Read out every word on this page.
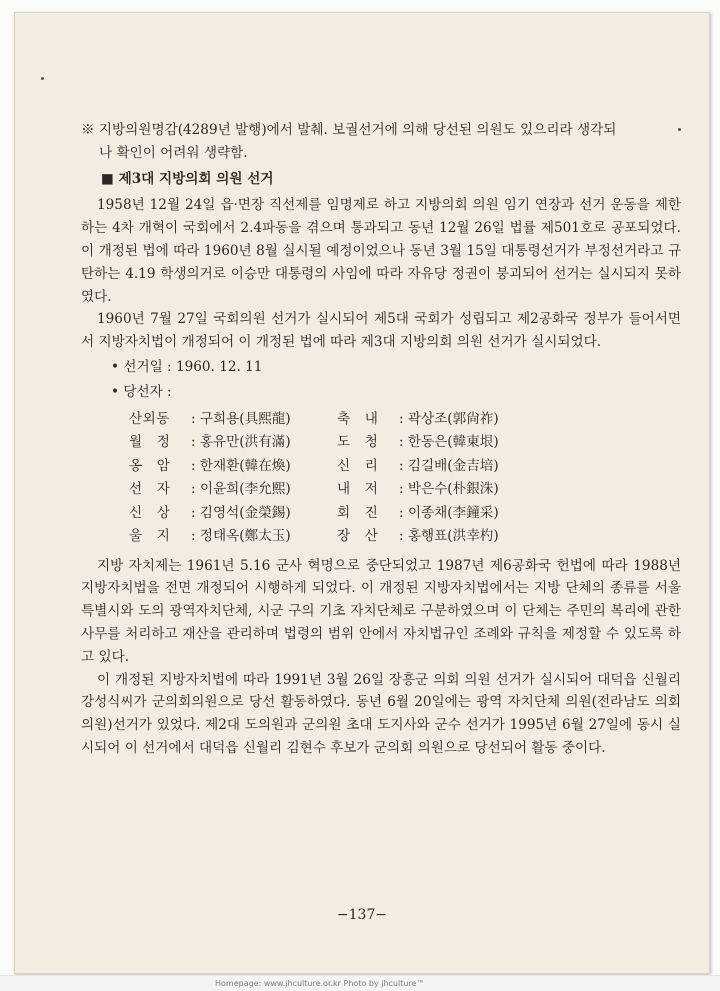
※ 지방의원명감(4289년 발행)에서 발췌. 보궐선거에 의해 당선된 의원도 있으리라 생각되

나 확인이 어려워 생략함.

■ 제3대 지방의회 의원 선거

1958년 12월 24일 읍·면장 직선제를 임명제로 하고 지방의회 의원 임기 연장과 선거 운동을 제한하는 4차 개혁이 국회에서 2.4파동을 겪으며 통과되고 동년 12월 26일 법률 제501호로 공포되었다. 이 개정된 법에 따라 1960년 8월 실시될 예정이었으나 동년 3월 15일 대통령선거가 부정선거라고 규탄하는 4.19 학생의거로 이승만 대통령의 사임에 따라 자유당 정권이 붕괴되어 선거는 실시되지 못하였다.

1960년 7월 27일 국회의원 선거가 실시되어 제5대 국회가 성립되고 제2공화국 정부가 들어서면서 지방자치법이 개정되어 이 개정된 법에 따라 제3대 지방의회 의원 선거가 실시되었다.

• 선거일 : 1960. 12. 11

• 당선자 :

산외동	: 구희용(具熙龍)	축　내	: 곽상조(郭尙祚)
월　정	: 홍유만(洪有滿)	도　청	: 한동은(韓東垠)
옹　암	: 한재환(韓在煥)	신　리	: 김길배(金吉培)
선　자	: 이윤희(李允熙)	내　저	: 박은수(朴銀洙)
신　상	: 김영석(金榮錫)	회　진	: 이종채(李鐘采)
울　지	: 정태옥(鄭太玉)	장　산	: 홍행표(洪幸杓)

지방 자치제는 1961년 5.16 군사 혁명으로 중단되었고 1987년 제6공화국 헌법에 따라 1988년 지방자치법을 전면 개정되어 시행하게 되었다. 이 개정된 지방자치법에서는 지방 단체의 종류를 서울 특별시와 도의 광역자치단체, 시군 구의 기초 자치단체로 구분하였으며 이 단체는 주민의 복리에 관한 사무를 처리하고 재산을 관리하며 법령의 범위 안에서 자치법규인 조례와 규칙을 제정할 수 있도록 하고 있다.

이 개정된 지방자치법에 따라 1991년 3월 26일 장흥군 의회 의원 선거가 실시되어 대덕읍 신월리 강성식씨가 군의회의원으로 당선 활동하였다. 동년 6월 20일에는 광역 자치단체 의원(전라남도 의회 의원)선거가 있었다. 제2대 도의원과 군의원 초대 도지사와 군수 선거가 1995년 6월 27일에 동시 실시되어 이 선거에서 대덕읍 신월리 김현수 후보가 군의회 의원으로 당선되어 활동 중이다.

−137−
Homepage: www.jhculture.or.kr Photo by jhculture™
